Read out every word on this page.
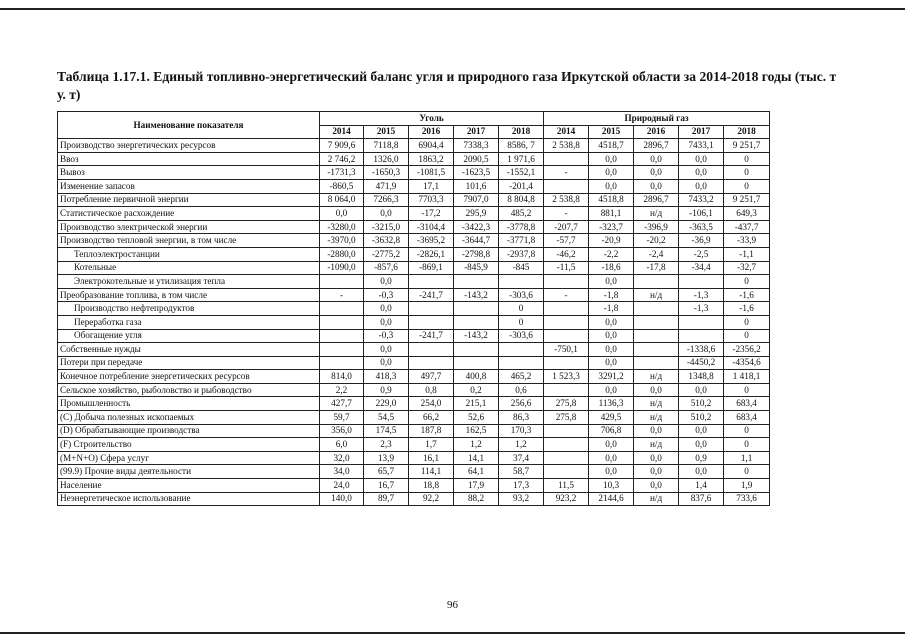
Таблица 1.17.1. Единый топливно-энергетический баланс угля и природного газа Иркутской области за 2014-2018 годы (тыс. т у. т)
Наименование показателя	Уголь					Природный газ				
	2014	2015	2016	2017	2018	2014	2015	2016	2017	2018
Производство энергетических ресурсов	7 909,6	7118,8	6904,4	7338,3	8586, 7	2 538,8	4518,7	2896,7	7433,1	9 251,7
Ввоз	2 746,2	1326,0	1863,2	2090,5	1 971,6		0,0	0,0	0,0	0
Вывоз	-1731,3	-1650,3	-1081,5	-1623,5	-1552,1	-	0,0	0,0	0,0	0
Изменение запасов	-860,5	471,9	17,1	101,6	-201,4		0,0	0,0	0,0	0
Потребление первичной энергии	8 064,0	7266,3	7703,3	7907,0	8 804,8	2 538,8	4518,8	2896,7	7433,2	9 251,7
Статистическое расхождение	0,0	0,0	-17,2	295,9	485,2	-	881,1	н/д	-106,1	649,3
Производство электрической энергии	-3280,0	-3215,0	-3104,4	-3422,3	-3778,8	-207,7	-323,7	-396,9	-363,5	-437,7
Производство тепловой энергии, в том числе	-3970,0	-3632,8	-3695,2	-3644,7	-3771,8	-57,7	-20,9	-20,2	-36,9	-33,9
Теплоэлектростанции	-2880,0	-2775,2	-2826,1	-2798,8	-2937,8	-46,2	-2,2	-2,4	-2,5	-1,1
Котельные	-1090,0	-857,6	-869,1	-845,9	-845	-11,5	-18,6	-17,8	-34,4	-32,7
Электрокотельные и утилизация тепла		0,0					0,0			0
Преобразование топлива, в том числе	-	-0,3	-241,7	-143,2	-303,6	-	-1,8	н/д	-1,3	-1,6
Производство нефтепродуктов		0,0			0		-1,8		-1,3	-1,6
Переработка газа		0,0			0		0,0			0
Обогащение угля		-0,3	-241,7	-143,2	-303,6		0,0			0
Собственные нужды		0,0				-750,1	0,0		-1338,6	-2356,2
Потери при передаче		0,0					0,0		-4450,2	-4354,6
Конечное потребление энергетических ресурсов	814,0	418,3	497,7	400,8	465,2	1 523,3	3291,2	н/д	1348,8	1 418,1
Сельское хозяйство, рыболовство и рыбоводство	2,2	0,9	0,8	0,2	0,6		0,0	0,0	0,0	0
Промышленность	427,7	229,0	254,0	215,1	256,6	275,8	1136,3	н/д	510,2	683,4
(С) Добыча полезных ископаемых	59,7	54,5	66,2	52,6	86,3	275,8	429,5	н/д	510,2	683,4
(D) Обрабатывающие производства	356,0	174,5	187,8	162,5	170,3		706,8	0,0	0,0	0
(F) Строительство	6,0	2,3	1,7	1,2	1,2		0,0	н/д	0,0	0
(M+N+O) Сфера услуг	32,0	13,9	16,1	14,1	37,4		0,0	0,0	0,9	1,1
(99.9) Прочие виды деятельности	34,0	65,7	114,1	64,1	58,7		0,0	0,0	0,0	0
Население	24,0	16,7	18,8	17,9	17,3	11,5	10,3	0,0	1,4	1,9
Неэнергетическое использование	140,0	89,7	92,2	88,2	93,2	923,2	2144,6	н/д	837,6	733,6
96
